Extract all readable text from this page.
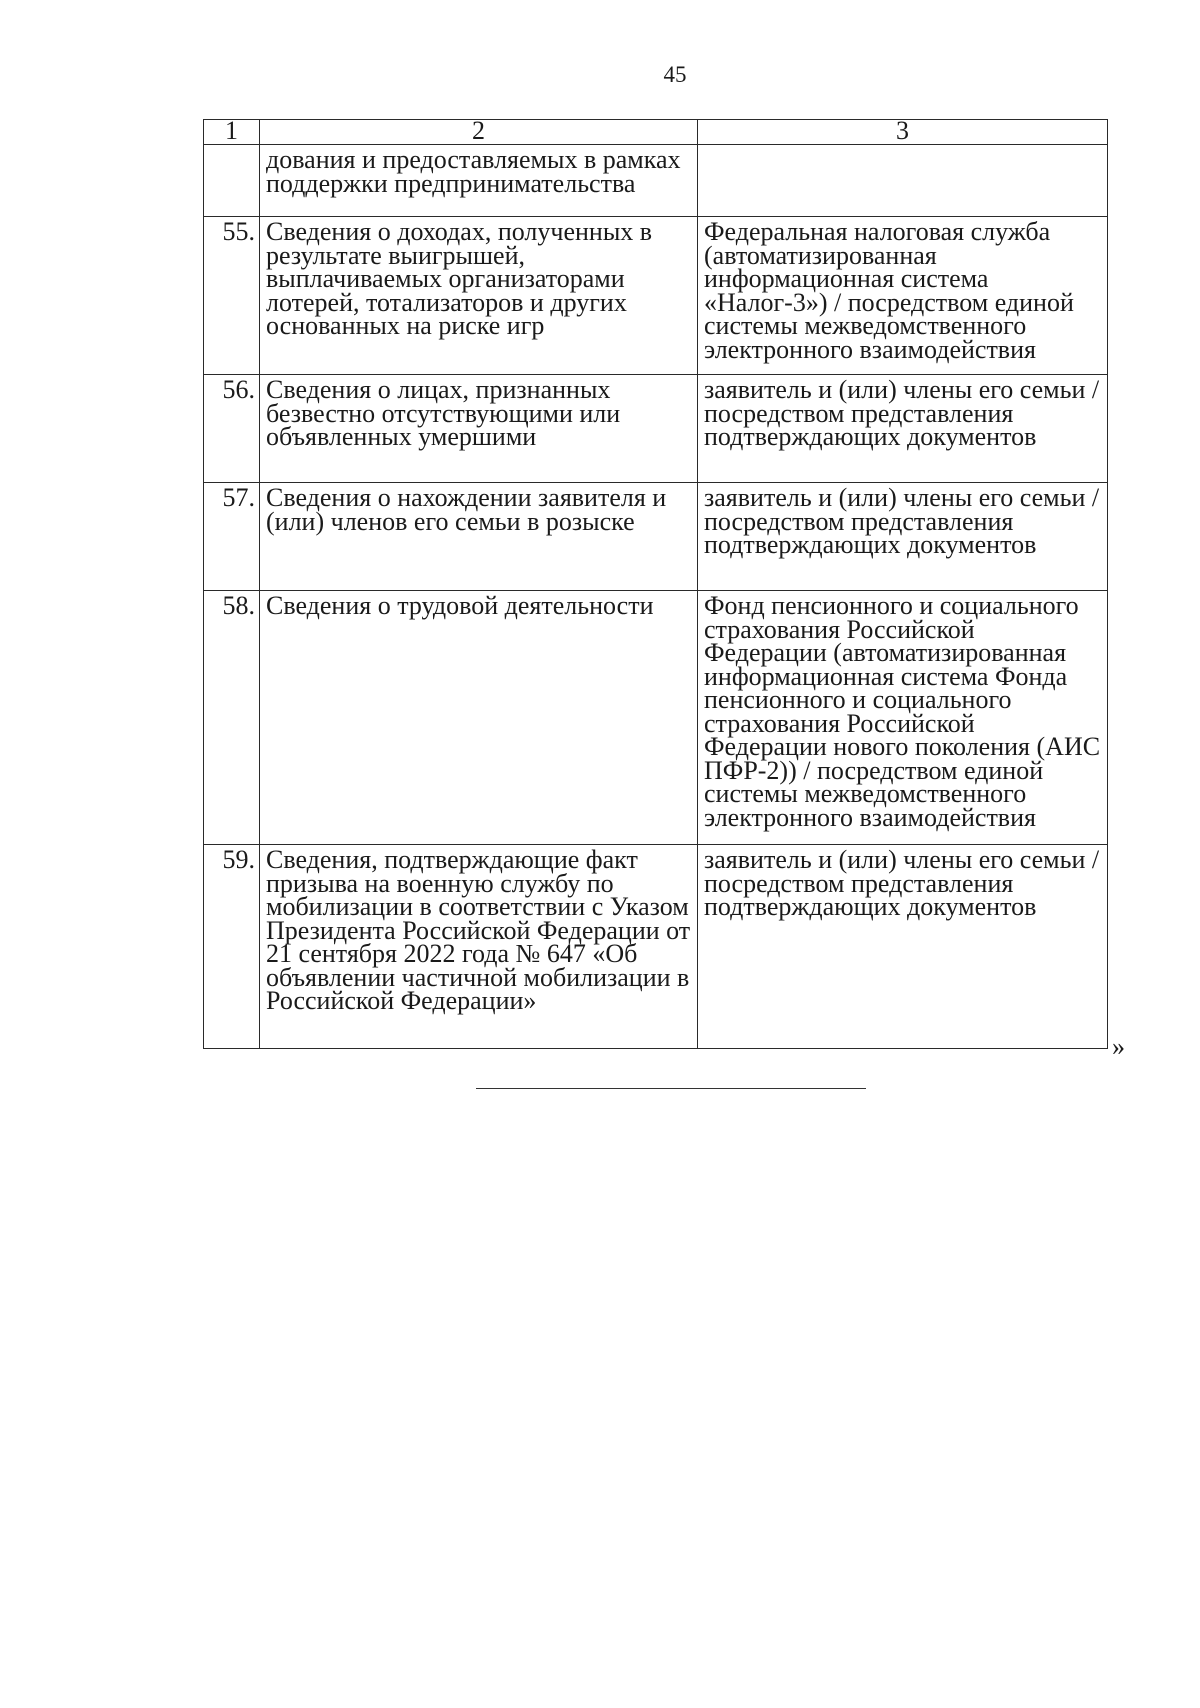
45
1	2	3
	дования и предоставляемых в рамках поддержки предпринимательства	
55.	Сведения о доходах, полученных в результате выигрышей, выплачиваемых организаторами лотерей, тотализаторов и других основанных на риске игр	Федеральная налоговая служба (автоматизированная информационная система «Налог-3») / посредством единой системы межведомственного электронного взаимодействия
56.	Сведения о лицах, признанных безвестно отсутствующими или объявленных умершими	заявитель и (или) члены его семьи / посредством представления подтверждающих документов
57.	Сведения о нахождении заявителя и (или) членов его семьи в розыске	заявитель и (или) члены его семьи / посредством представления подтверждающих документов
58.	Сведения о трудовой деятельности	Фонд пенсионного и социального страхования Российской Федерации (автоматизированная информационная система Фонда пенсионного и социального страхования Российской Федерации нового поколения (АИС ПФР-2)) / посредством единой системы межведомственного электронного взаимодействия
59.	Сведения, подтверждающие факт призыва на военную службу по мобилизации в соответствии с Указом Президента Российской Федерации от 21 сентября 2022 года № 647 «Об объявлении частичной мобилизации в Российской Федерации»	заявитель и (или) члены его семьи / посредством представления подтверждающих документов
»
